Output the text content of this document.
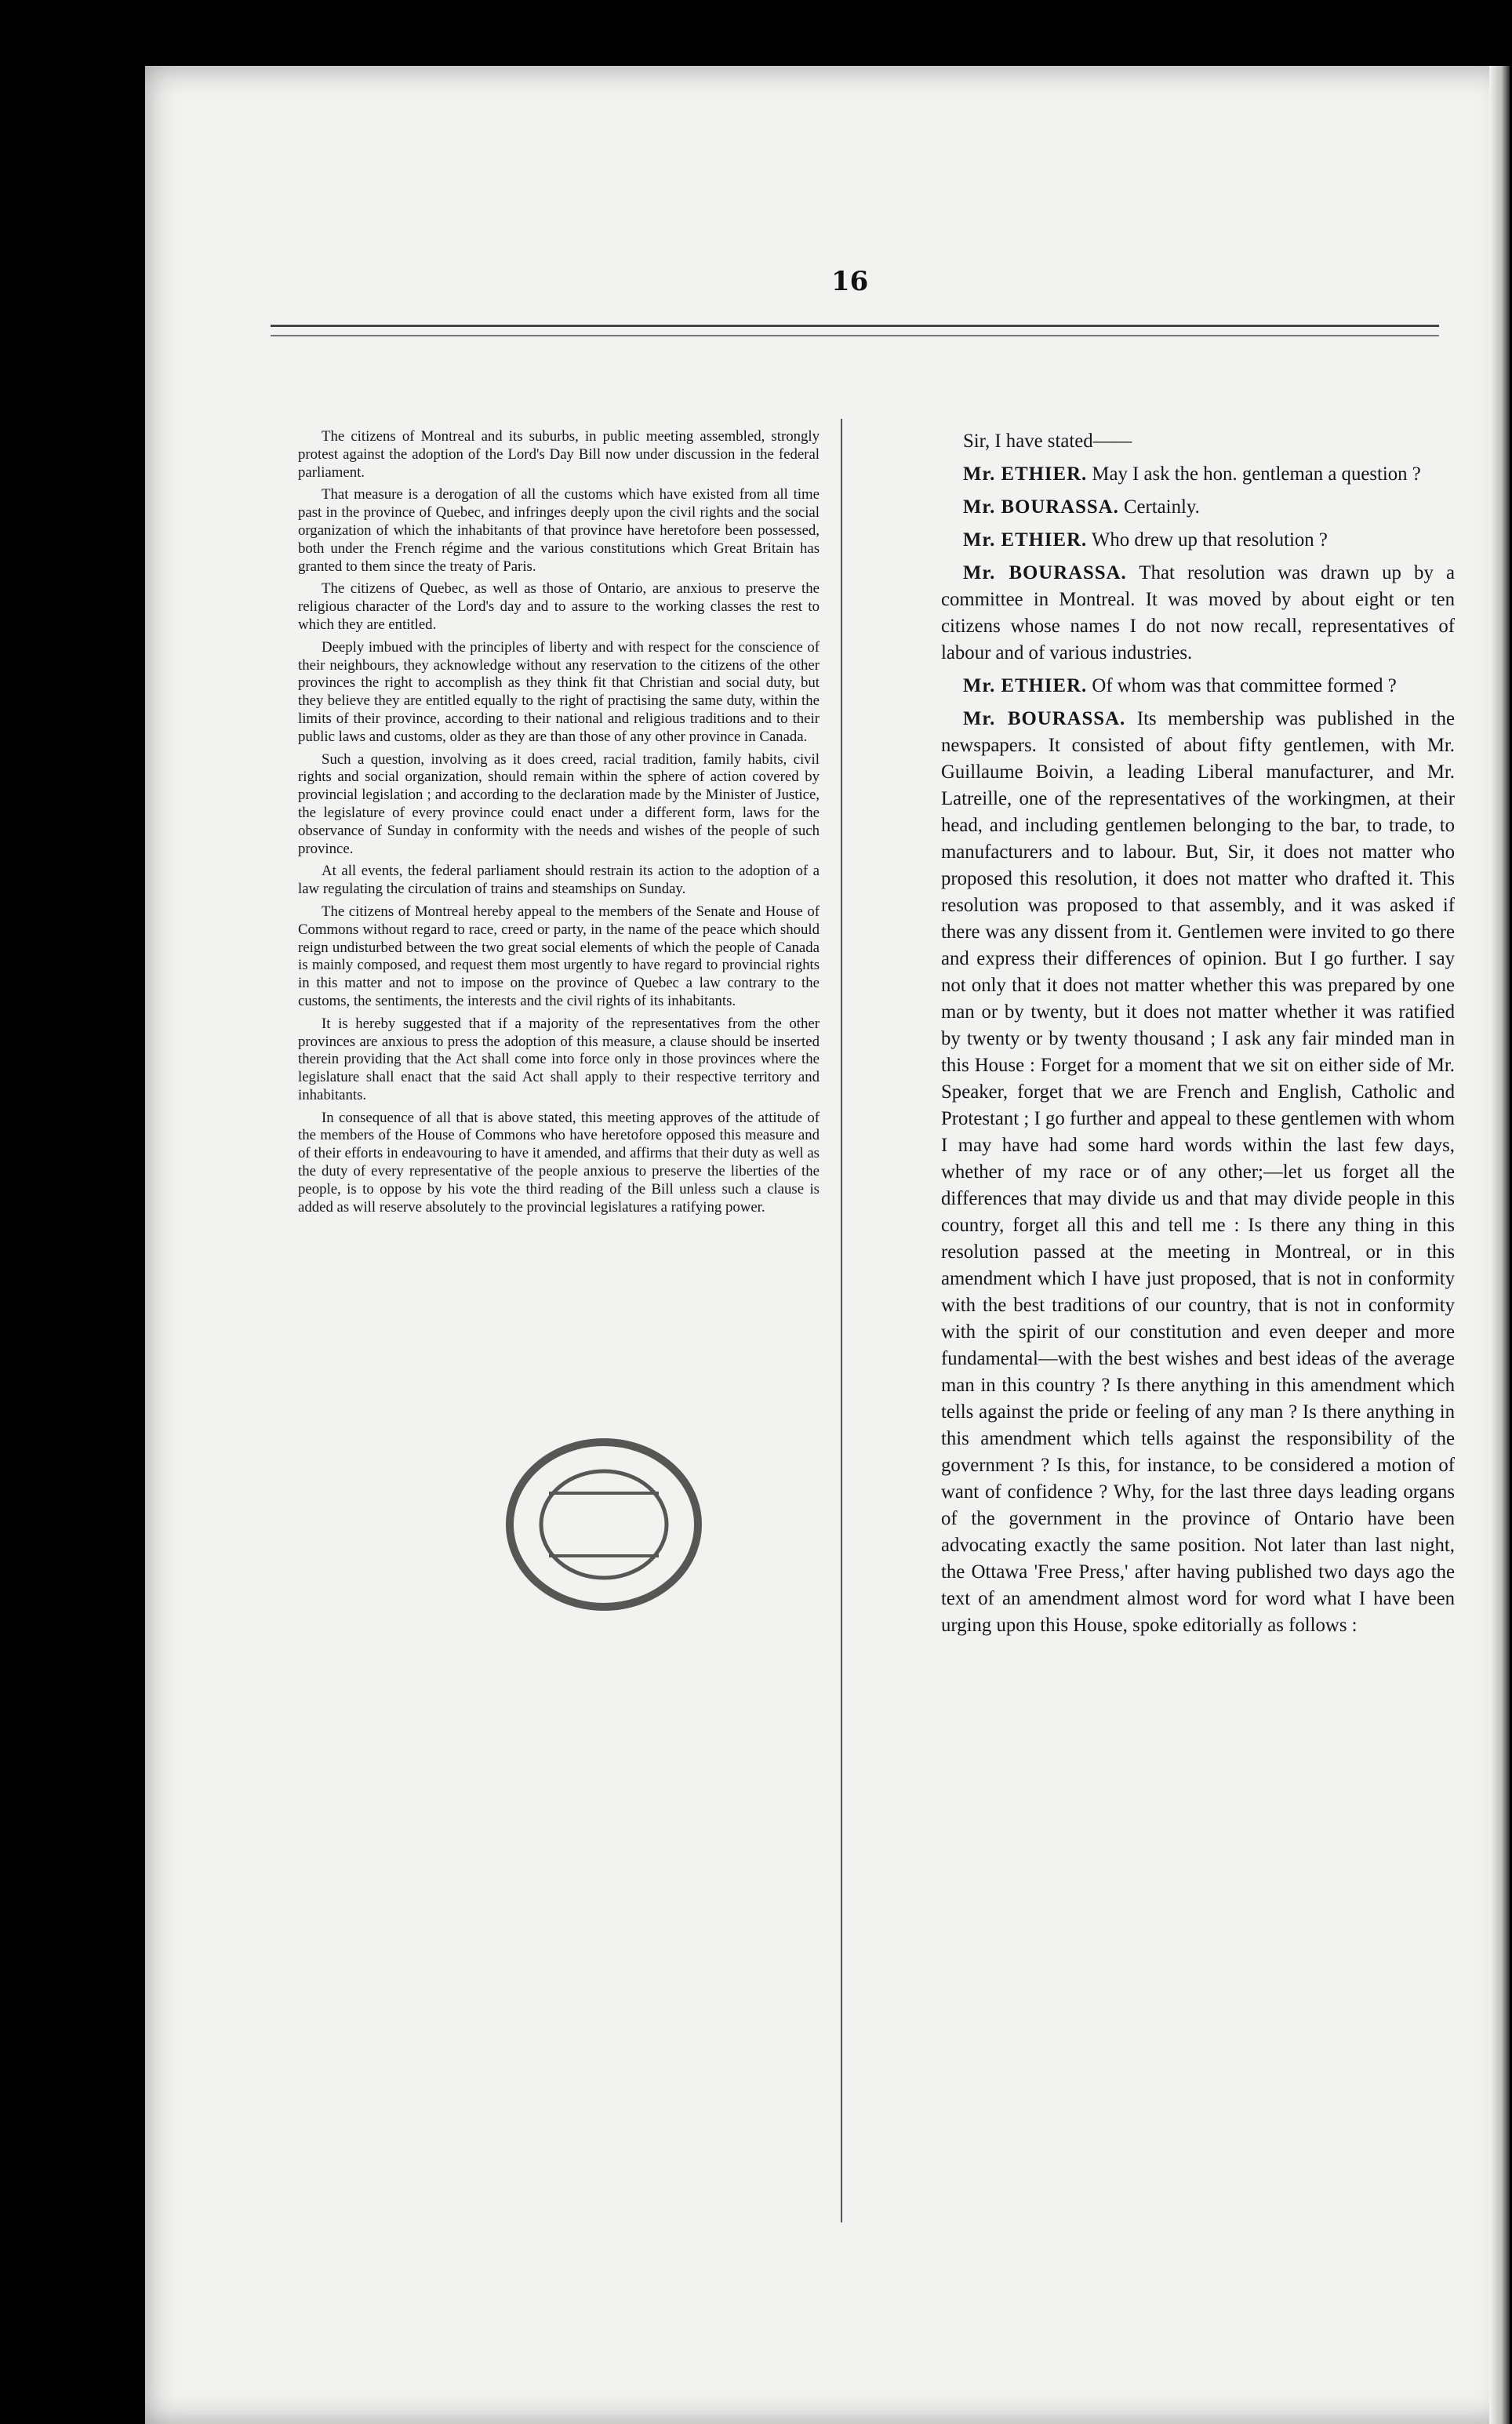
16

The citizens of Montreal and its suburbs, in public meeting assembled, strongly protest against the adoption of the Lord's Day Bill now under discussion in the federal parliament.

That measure is a derogation of all the customs which have existed from all time past in the province of Quebec, and infringes deeply upon the civil rights and the social organization of which the inhabitants of that province have heretofore been possessed, both under the French régime and the various constitutions which Great Britain has granted to them since the treaty of Paris.

The citizens of Quebec, as well as those of Ontario, are anxious to preserve the religious character of the Lord's day and to assure to the working classes the rest to which they are entitled.

Deeply imbued with the principles of liberty and with respect for the conscience of their neighbours, they acknowledge without any reservation to the citizens of the other provinces the right to accomplish as they think fit that Christian and social duty, but they believe they are entitled equally to the right of practising the same duty, within the limits of their province, according to their national and religious traditions and to their public laws and customs, older as they are than those of any other province in Canada.

Such a question, involving as it does creed, racial tradition, family habits, civil rights and social organization, should remain within the sphere of action covered by provincial legislation ; and according to the declaration made by the Minister of Justice, the legislature of every province could enact under a different form, laws for the observance of Sunday in conformity with the needs and wishes of the people of such province.

At all events, the federal parliament should restrain its action to the adoption of a law regulating the circulation of trains and steamships on Sunday.

The citizens of Montreal hereby appeal to the members of the Senate and House of Commons without regard to race, creed or party, in the name of the peace which should reign undisturbed between the two great social elements of which the people of Canada is mainly composed, and request them most urgently to have regard to provincial rights in this matter and not to impose on the province of Quebec a law contrary to the customs, the sentiments, the interests and the civil rights of its inhabitants.

It is hereby suggested that if a majority of the representatives from the other provinces are anxious to press the adoption of this measure, a clause should be inserted therein providing that the Act shall come into force only in those provinces where the legislature shall enact that the said Act shall apply to their respective territory and inhabitants.

In consequence of all that is above stated, this meeting approves of the attitude of the members of the House of Commons who have heretofore opposed this measure and of their efforts in endeavouring to have it amended, and affirms that their duty as well as the duty of every representative of the people anxious to preserve the liberties of the people, is to oppose by his vote the third reading of the Bill unless such a clause is added as will reserve absolutely to the provincial legislatures a ratifying power.

Sir, I have stated——

Mr. ETHIER. May I ask the hon. gentleman a question ?

Mr. BOURASSA. Certainly.

Mr. ETHIER. Who drew up that resolution ?

Mr. BOURASSA. That resolution was drawn up by a committee in Montreal. It was moved by about eight or ten citizens whose names I do not now recall, representatives of labour and of various industries.

Mr. ETHIER. Of whom was that committee formed ?

Mr. BOURASSA. Its membership was published in the newspapers. It consisted of about fifty gentlemen, with Mr. Guillaume Boivin, a leading Liberal manufacturer, and Mr. Latreille, one of the representatives of the workingmen, at their head, and including gentlemen belonging to the bar, to trade, to manufacturers and to labour. But, Sir, it does not matter who proposed this resolution, it does not matter who drafted it. This resolution was proposed to that assembly, and it was asked if there was any dissent from it. Gentlemen were invited to go there and express their differences of opinion. But I go further. I say not only that it does not matter whether this was prepared by one man or by twenty, but it does not matter whether it was ratified by twenty or by twenty thousand ; I ask any fair minded man in this House : Forget for a moment that we sit on either side of Mr. Speaker, forget that we are French and English, Catholic and Protestant ; I go further and appeal to these gentlemen with whom I may have had some hard words within the last few days, whether of my race or of any other;—let us forget all the differences that may divide us and that may divide people in this country, forget all this and tell me : Is there any thing in this resolution passed at the meeting in Montreal, or in this amendment which I have just proposed, that is not in conformity with the best traditions of our country, that is not in conformity with the spirit of our constitution and even deeper and more fundamental—with the best wishes and best ideas of the average man in this country ? Is there anything in this amendment which tells against the pride or feeling of any man ? Is there anything in this amendment which tells against the responsibility of the government ? Is this, for instance, to be considered a motion of want of confidence ? Why, for the last three days leading organs of the government in the province of Ontario have been advocating exactly the same position. Not later than last night, the Ottawa 'Free Press,' after having published two days ago the text of an amendment almost word for word what I have been urging upon this House, spoke editorially as follows :
